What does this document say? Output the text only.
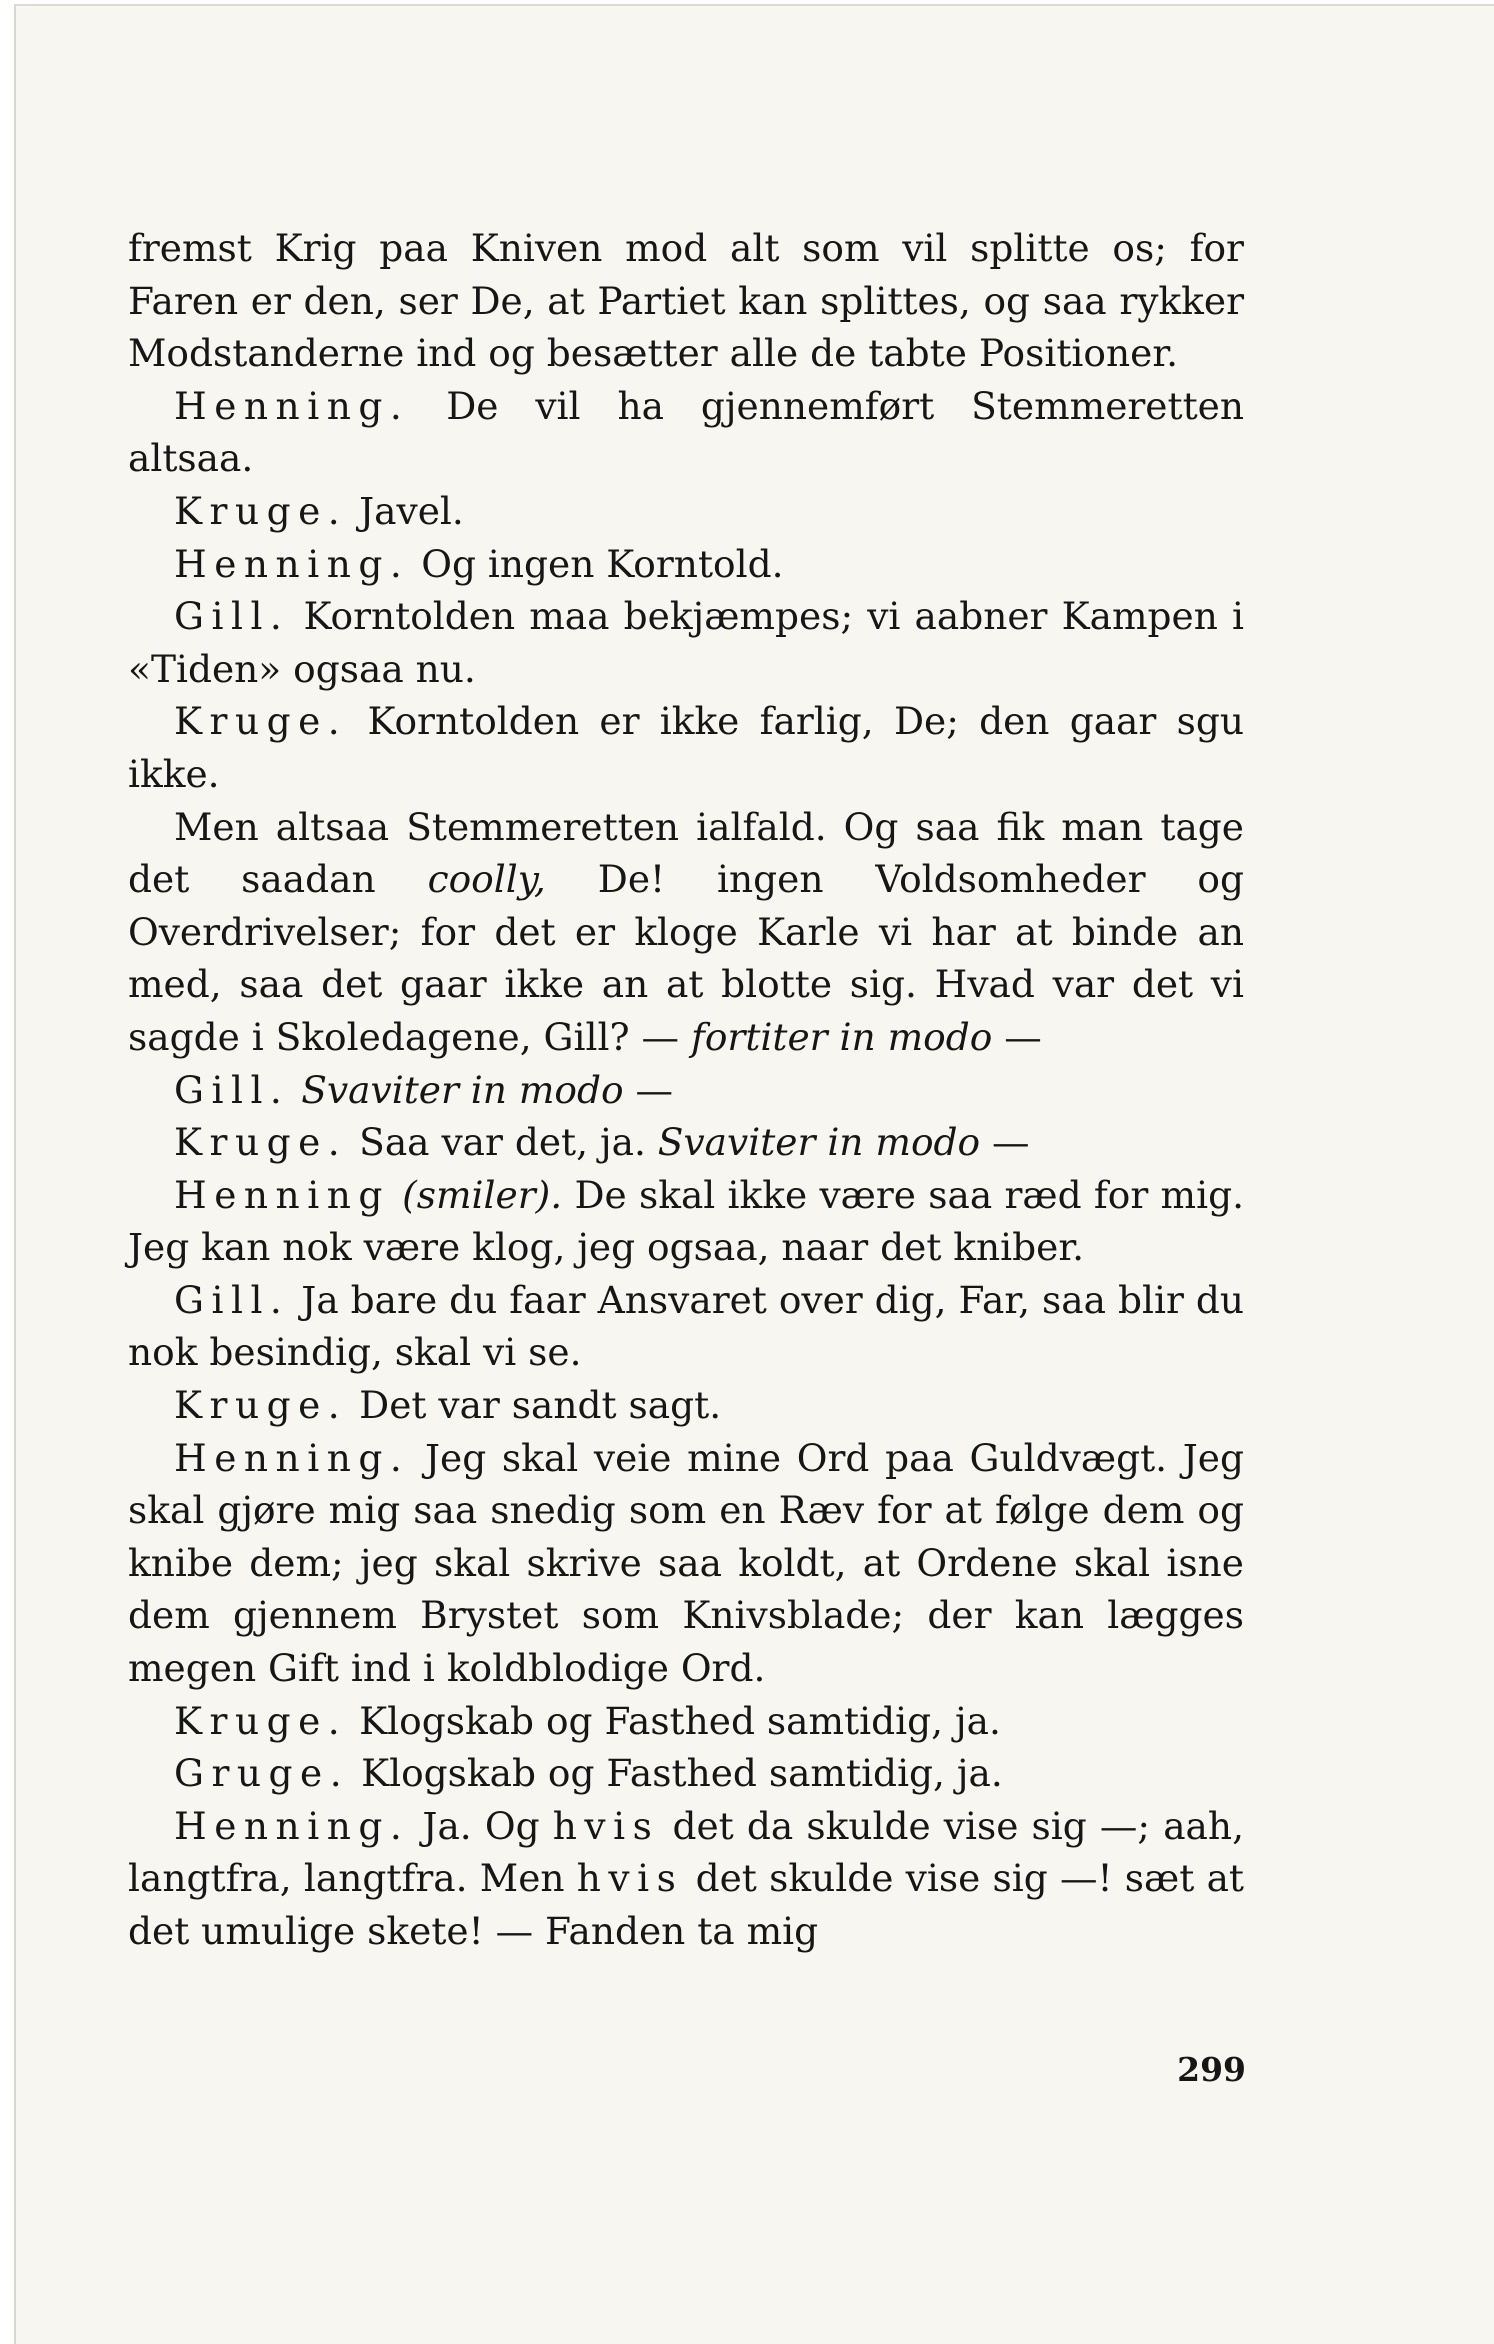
fremst Krig paa Kniven mod alt som vil splitte os; for Faren er den, ser De, at Partiet kan splittes, og saa rykker Modstanderne ind og besætter alle de tabte Positioner.

Henning. De vil ha gjennemført Stemmeretten altsaa.

Kruge. Javel.

Henning. Og ingen Korntold.

Gill. Korntolden maa bekjæmpes; vi aabner Kampen i «Tiden» ogsaa nu.

Kruge. Korntolden er ikke farlig, De; den gaar sgu ikke.

Men altsaa Stemmeretten ialfald. Og saa fik man tage det saadan coolly, De! ingen Voldsomheder og Overdrivelser; for det er kloge Karle vi har at binde an med, saa det gaar ikke an at blotte sig. Hvad var det vi sagde i Skoledagene, Gill? — fortiter in modo —

Gill. Svaviter in modo —

Kruge. Saa var det, ja. Svaviter in modo —

Henning (smiler). De skal ikke være saa ræd for mig. Jeg kan nok være klog, jeg ogsaa, naar det kniber.

Gill. Ja bare du faar Ansvaret over dig, Far, saa blir du nok besindig, skal vi se.

Kruge. Det var sandt sagt.

Henning. Jeg skal veie mine Ord paa Guldvægt. Jeg skal gjøre mig saa snedig som en Ræv for at følge dem og knibe dem; jeg skal skrive saa koldt, at Ordene skal isne dem gjennem Brystet som Knivsblade; der kan lægges megen Gift ind i koldblodige Ord.

Kruge. Klogskab og Fasthed samtidig, ja.

Gruge. Klogskab og Fasthed samtidig, ja.

Henning. Ja. Og hvis det da skulde vise sig —; aah, langtfra, langtfra. Men hvis det skulde vise sig —! sæt at det umulige skete! — Fanden ta mig

299
